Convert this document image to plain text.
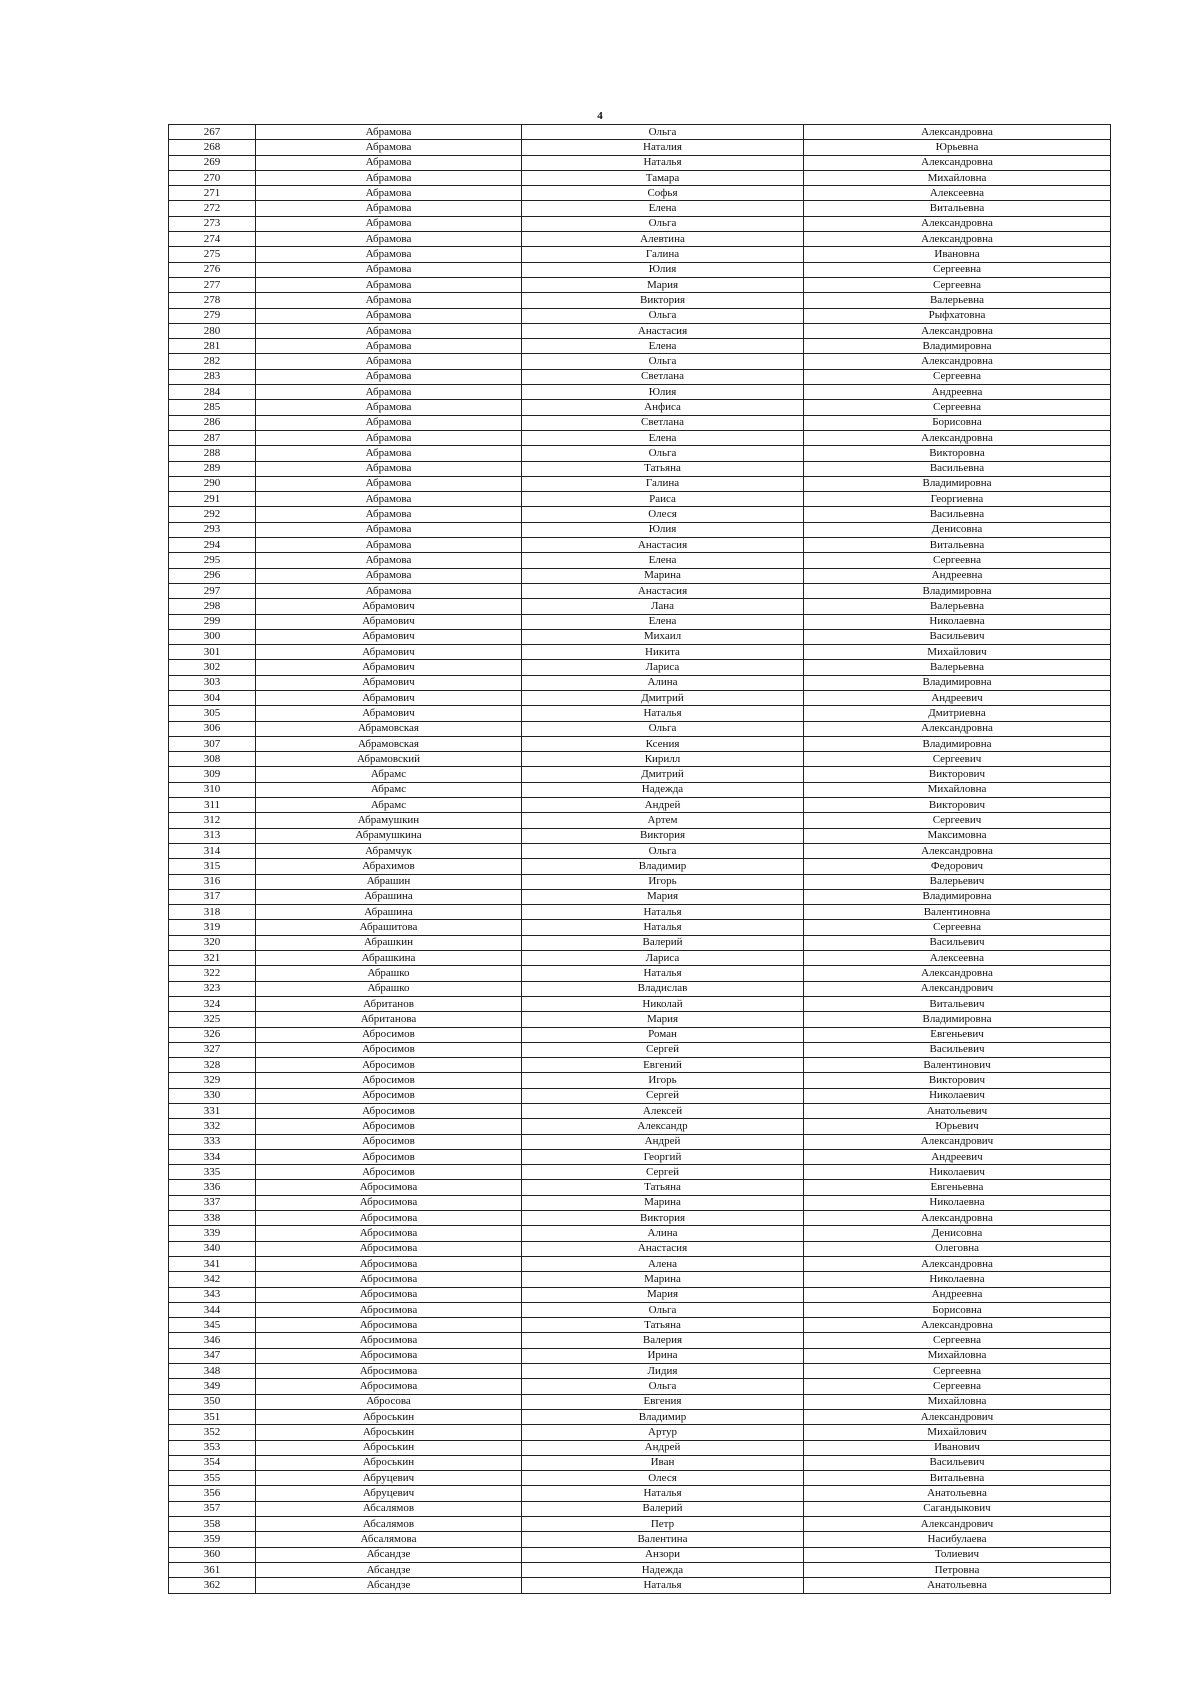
4
267	Абрамова	Ольга	Александровна
268	Абрамова	Наталия	Юрьевна
269	Абрамова	Наталья	Александровна
270	Абрамова	Тамара	Михайловна
271	Абрамова	Софья	Алексеевна
272	Абрамова	Елена	Витальевна
273	Абрамова	Ольга	Александровна
274	Абрамова	Алевтина	Александровна
275	Абрамова	Галина	Ивановна
276	Абрамова	Юлия	Сергеевна
277	Абрамова	Мария	Сергеевна
278	Абрамова	Виктория	Валерьевна
279	Абрамова	Ольга	Рыфхатовна
280	Абрамова	Анастасия	Александровна
281	Абрамова	Елена	Владимировна
282	Абрамова	Ольга	Александровна
283	Абрамова	Светлана	Сергеевна
284	Абрамова	Юлия	Андреевна
285	Абрамова	Анфиса	Сергеевна
286	Абрамова	Светлана	Борисовна
287	Абрамова	Елена	Александровна
288	Абрамова	Ольга	Викторовна
289	Абрамова	Татьяна	Васильевна
290	Абрамова	Галина	Владимировна
291	Абрамова	Раиса	Георгиевна
292	Абрамова	Олеся	Васильевна
293	Абрамова	Юлия	Денисовна
294	Абрамова	Анастасия	Витальевна
295	Абрамова	Елена	Сергеевна
296	Абрамова	Марина	Андреевна
297	Абрамова	Анастасия	Владимировна
298	Абрамович	Лана	Валерьевна
299	Абрамович	Елена	Николаевна
300	Абрамович	Михаил	Васильевич
301	Абрамович	Никита	Михайлович
302	Абрамович	Лариса	Валерьевна
303	Абрамович	Алина	Владимировна
304	Абрамович	Дмитрий	Андреевич
305	Абрамович	Наталья	Дмитриевна
306	Абрамовская	Ольга	Александровна
307	Абрамовская	Ксения	Владимировна
308	Абрамовский	Кирилл	Сергеевич
309	Абрамс	Дмитрий	Викторович
310	Абрамс	Надежда	Михайловна
311	Абрамс	Андрей	Викторович
312	Абрамушкин	Артем	Сергеевич
313	Абрамушкина	Виктория	Максимовна
314	Абрамчук	Ольга	Александровна
315	Абрахимов	Владимир	Федорович
316	Абрашин	Игорь	Валерьевич
317	Абрашина	Мария	Владимировна
318	Абрашина	Наталья	Валентиновна
319	Абрашитова	Наталья	Сергеевна
320	Абрашкин	Валерий	Васильевич
321	Абрашкина	Лариса	Алексеевна
322	Абрашко	Наталья	Александровна
323	Абрашко	Владислав	Александрович
324	Абританов	Николай	Витальевич
325	Абританова	Мария	Владимировна
326	Абросимов	Роман	Евгеньевич
327	Абросимов	Сергей	Васильевич
328	Абросимов	Евгений	Валентинович
329	Абросимов	Игорь	Викторович
330	Абросимов	Сергей	Николаевич
331	Абросимов	Алексей	Анатольевич
332	Абросимов	Александр	Юрьевич
333	Абросимов	Андрей	Александрович
334	Абросимов	Георгий	Андреевич
335	Абросимов	Сергей	Николаевич
336	Абросимова	Татьяна	Евгеньевна
337	Абросимова	Марина	Николаевна
338	Абросимова	Виктория	Александровна
339	Абросимова	Алина	Денисовна
340	Абросимова	Анастасия	Олеговна
341	Абросимова	Алена	Александровна
342	Абросимова	Марина	Николаевна
343	Абросимова	Мария	Андреевна
344	Абросимова	Ольга	Борисовна
345	Абросимова	Татьяна	Александровна
346	Абросимова	Валерия	Сергеевна
347	Абросимова	Ирина	Михайловна
348	Абросимова	Лидия	Сергеевна
349	Абросимова	Ольга	Сергеевна
350	Абросова	Евгения	Михайловна
351	Аброськин	Владимир	Александрович
352	Аброськин	Артур	Михайлович
353	Аброськин	Андрей	Иванович
354	Аброськин	Иван	Васильевич
355	Абруцевич	Олеся	Витальевна
356	Абруцевич	Наталья	Анатольевна
357	Абсалямов	Валерий	Сагандыкович
358	Абсалямов	Петр	Александрович
359	Абсалямова	Валентина	Насибулаева
360	Абсандзе	Анзори	Толиевич
361	Абсандзе	Надежда	Петровна
362	Абсандзе	Наталья	Анатольевна
